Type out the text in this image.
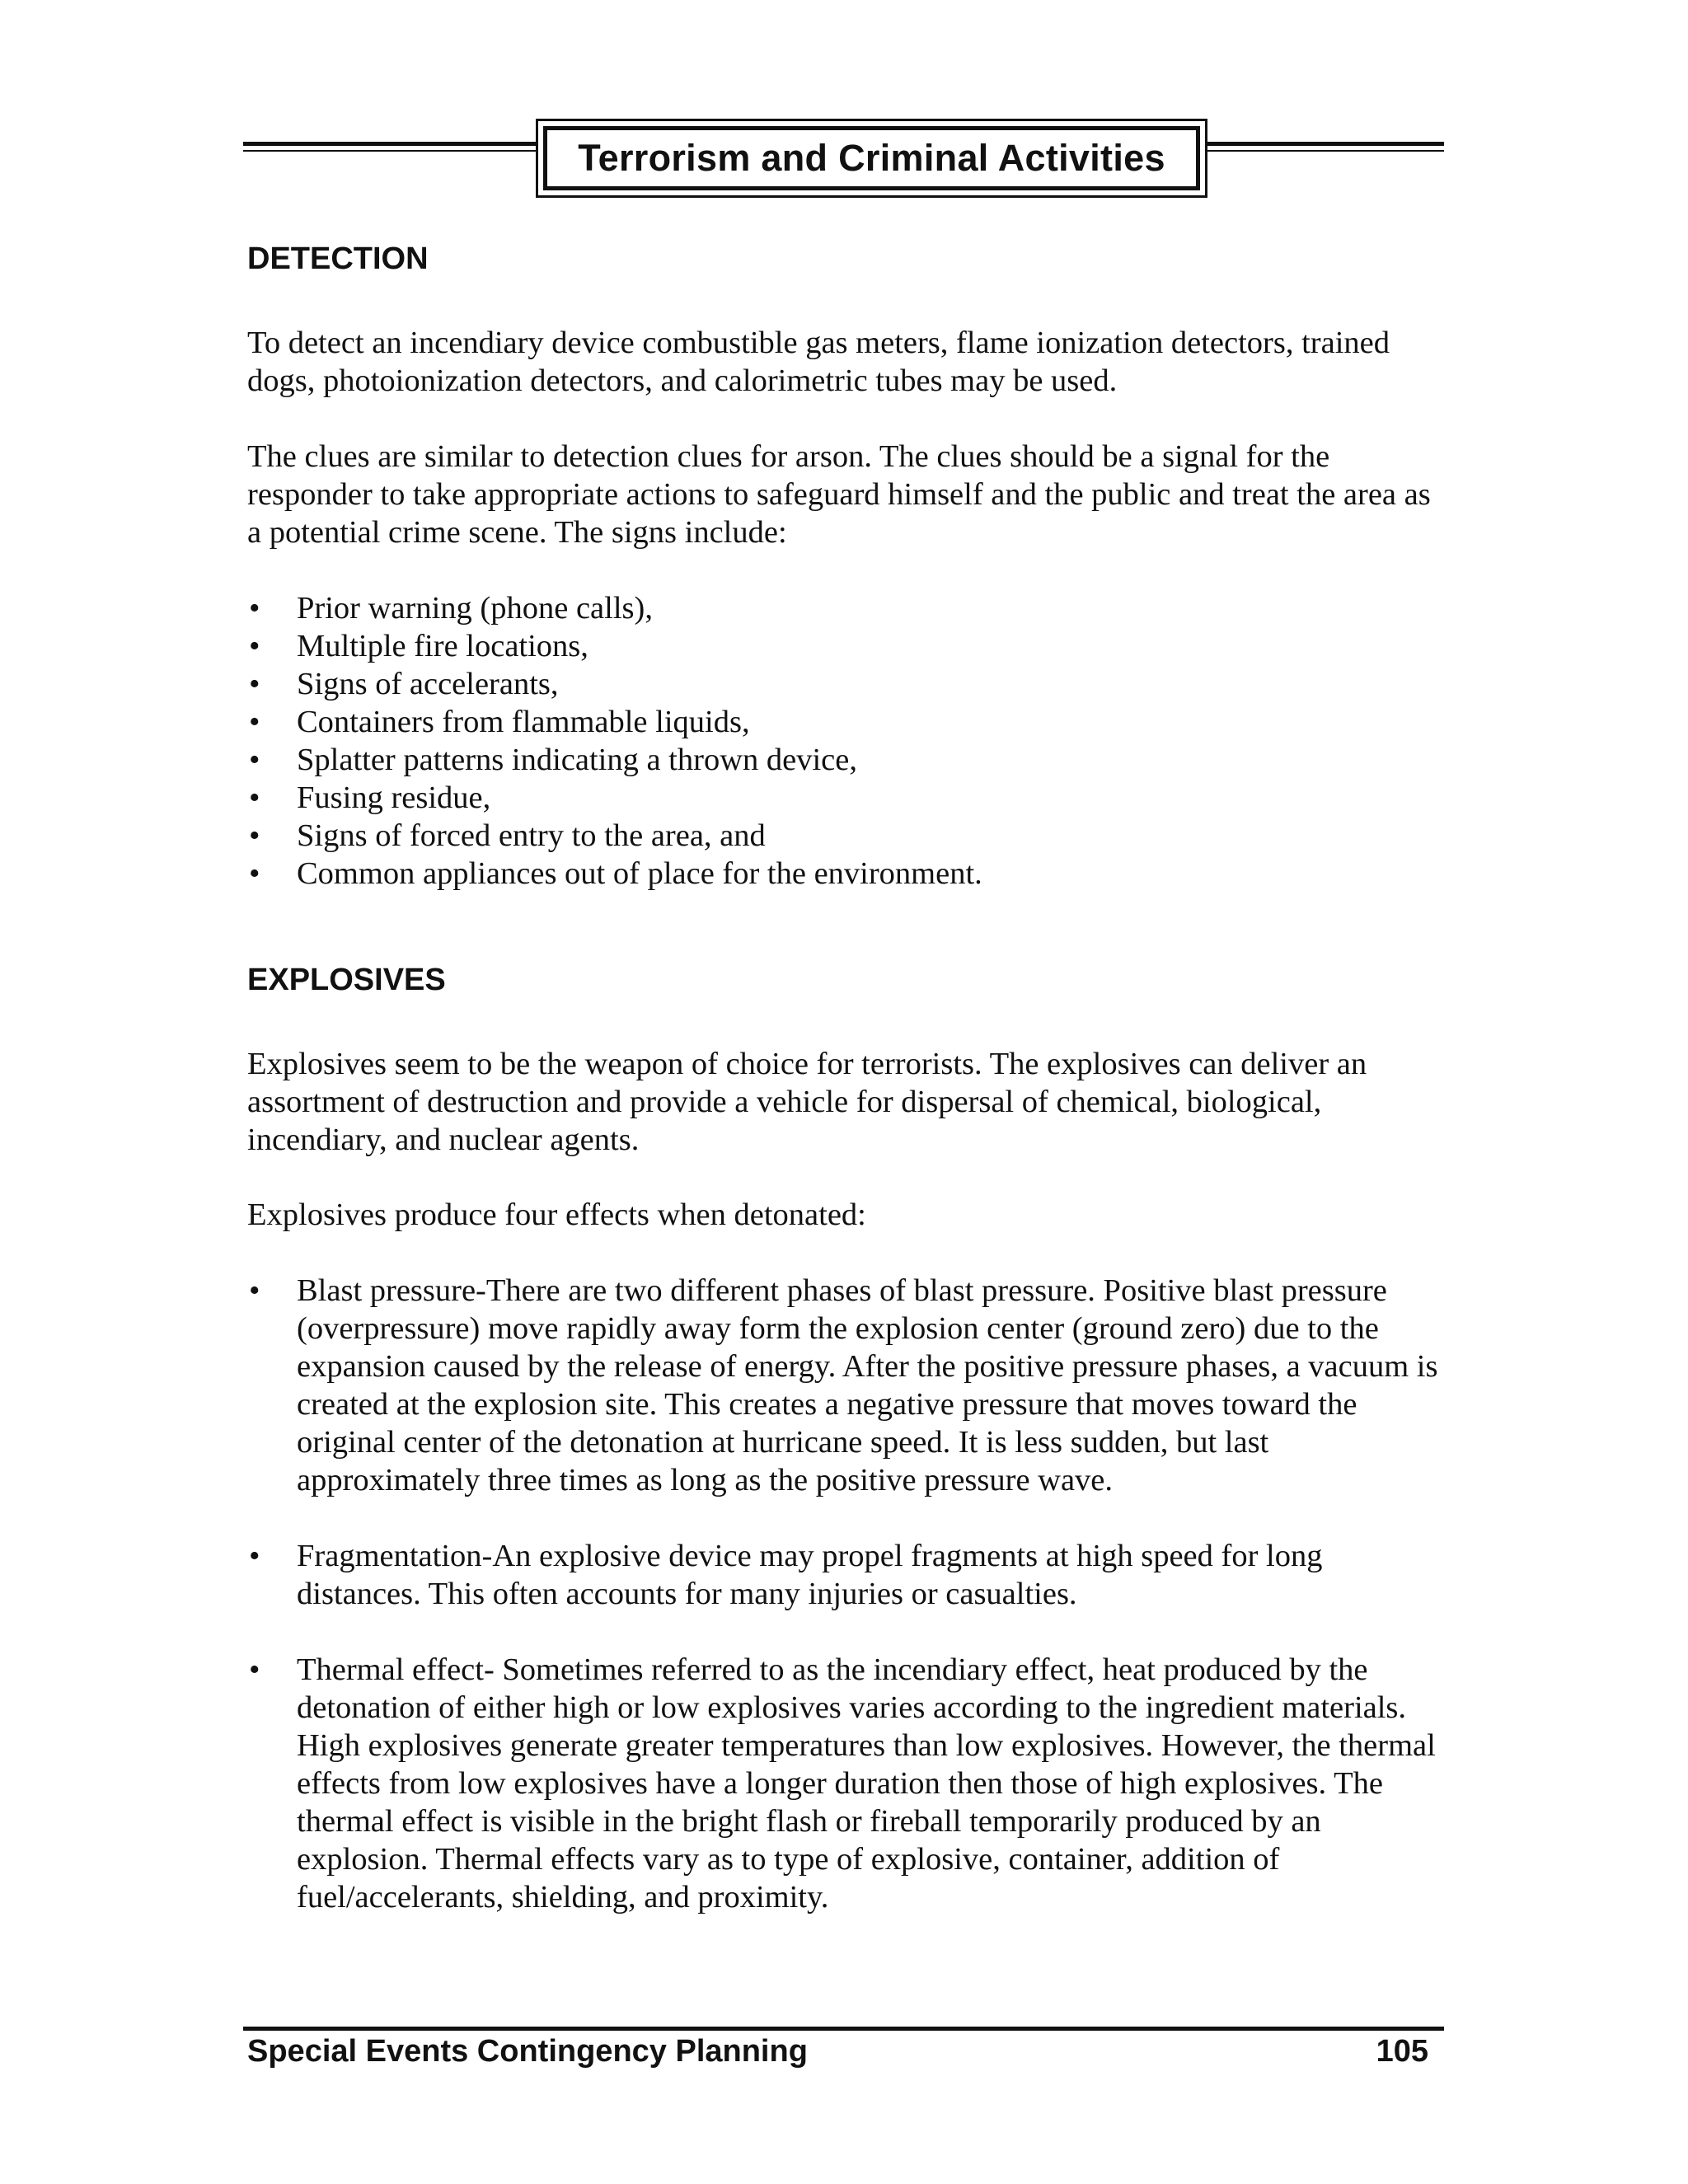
Terrorism and Criminal Activities
DETECTION

To detect an incendiary device combustible gas meters, flame ionization detectors, trained dogs, photoionization detectors, and calorimetric tubes may be used.

The clues are similar to detection clues for arson. The clues should be a signal for the responder to take appropriate actions to safeguard himself and the public and treat the area as a potential crime scene. The signs include:

• Prior warning (phone calls),
• Multiple fire locations,
• Signs of accelerants,
• Containers from flammable liquids,
• Splatter patterns indicating a thrown device,
• Fusing residue,
• Signs of forced entry to the area, and
• Common appliances out of place for the environment.
EXPLOSIVES

Explosives seem to be the weapon of choice for terrorists. The explosives can deliver an assortment of destruction and provide a vehicle for dispersal of chemical, biological, incendiary, and nuclear agents.

Explosives produce four effects when detonated:

• Blast pressure-There are two different phases of blast pressure. Positive blast pressure (overpressure) move rapidly away form the explosion center (ground zero) due to the expansion caused by the release of energy. After the positive pressure phases, a vacuum is created at the explosion site. This creates a negative pressure that moves toward the original center of the detonation at hurricane speed. It is less sudden, but last approximately three times as long as the positive pressure wave.
• Fragmentation-An explosive device may propel fragments at high speed for long distances. This often accounts for many injuries or casualties.
• Thermal effect- Sometimes referred to as the incendiary effect, heat produced by the detonation of either high or low explosives varies according to the ingredient materials. High explosives generate greater temperatures than low explosives. However, the thermal effects from low explosives have a longer duration then those of high explosives. The thermal effect is visible in the bright flash or fireball temporarily produced by an explosion. Thermal effects vary as to type of explosive, container, addition of fuel/accelerants, shielding, and proximity.
Special Events Contingency Planning	105
